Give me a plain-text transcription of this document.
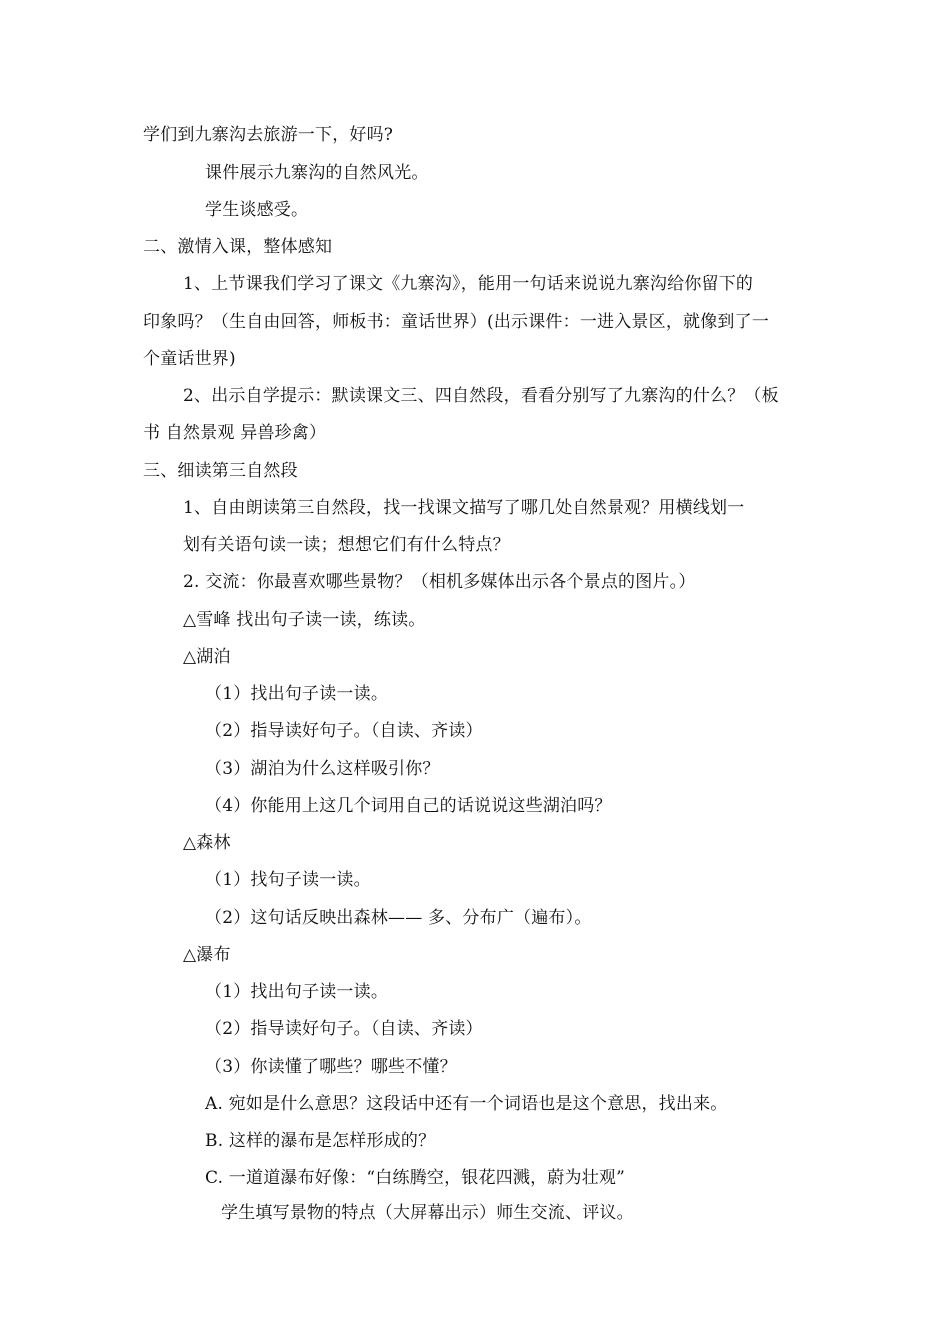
学们到九寨沟去旅游一下，好吗?
课件展示九寨沟的自然风光。
学生谈感受。
二、激情入课，整体感知
1、上节课我们学习了课文《九寨沟》，能用一句话来说说九寨沟给你留下的
印象吗？（生自由回答，师板书：童话世界）(出示课件：一进入景区，就像到了一
个童话世界)
2、出示自学提示：默读课文三、四自然段，看看分别写了九寨沟的什么？（板
书 自然景观 异兽珍禽）
三、细读第三自然段
1、自由朗读第三自然段，找一找课文描写了哪几处自然景观？用横线划一
划有关语句读一读；想想它们有什么特点？
2. 交流：你最喜欢哪些景物？（相机多媒体出示各个景点的图片。）
△雪峰 找出句子读一读，练读。
△湖泊
（1）找出句子读一读。
（2）指导读好句子。（自读、齐读）
（3）湖泊为什么这样吸引你？
（4）你能用上这几个词用自己的话说说这些湖泊吗？
△森林
（1）找句子读一读。
（2）这句话反映出森林—— 多、分布广（遍布）。
△瀑布
（1）找出句子读一读。
（2）指导读好句子。（自读、齐读）
（3）你读懂了哪些？哪些不懂？
A. 宛如是什么意思？这段话中还有一个词语也是这个意思，找出来。
B. 这样的瀑布是怎样形成的？
C. 一道道瀑布好像：“白练腾空，银花四溅，蔚为壮观”
学生填写景物的特点（大屏幕出示）师生交流、评议。
